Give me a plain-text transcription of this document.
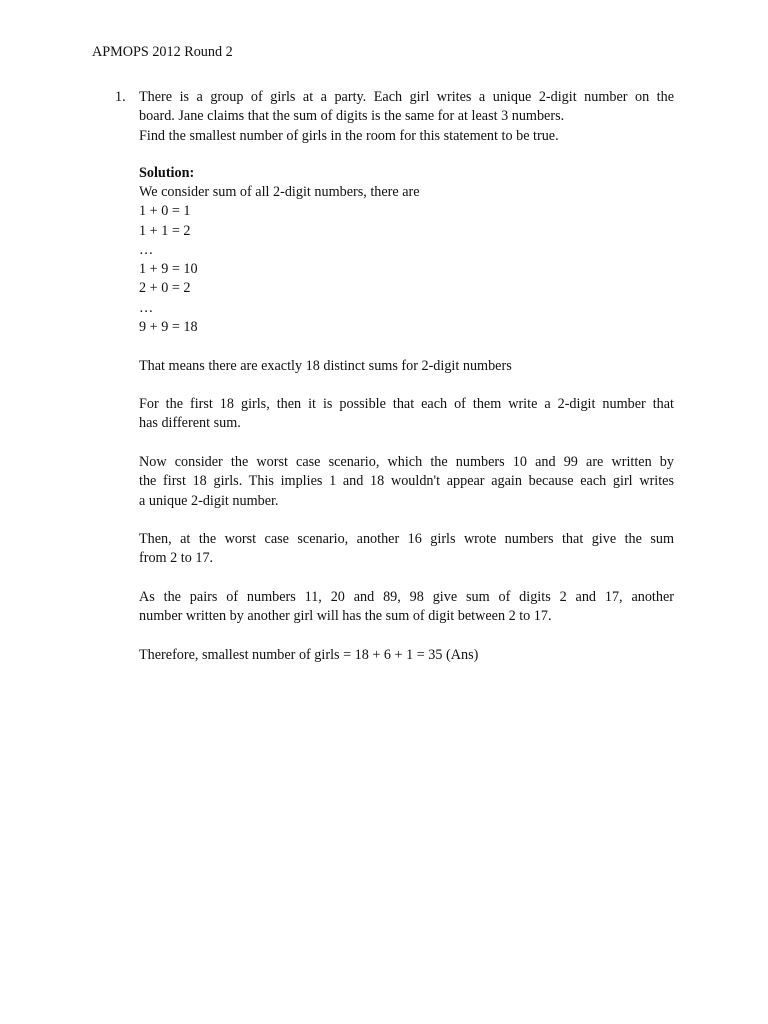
APMOPS 2012 Round 2
1. There is a group of girls at a party. Each girl writes a unique 2-digit number on the
board. Jane claims that the sum of digits is the same for at least 3 numbers.
Find the smallest number of girls in the room for this statement to be true.
Solution:
We consider sum of all 2-digit numbers, there are
1 + 0 = 1
1 + 1 = 2
…
1 + 9 = 10
2 + 0 = 2
…
9 + 9 = 18
That means there are exactly 18 distinct sums for 2-digit numbers
For the first 18 girls, then it is possible that each of them write a 2-digit number that
has different sum.
Now consider the worst case scenario, which the numbers 10 and 99 are written by
the first 18 girls. This implies 1 and 18 wouldn't appear again because each girl writes
a unique 2-digit number.
Then, at the worst case scenario, another 16 girls wrote numbers that give the sum
from 2 to 17.
As the pairs of numbers 11, 20 and 89, 98 give sum of digits 2 and 17, another
number written by another girl will has the sum of digit between 2 to 17.
Therefore, smallest number of girls = 18 + 6 + 1 = 35 (Ans)
